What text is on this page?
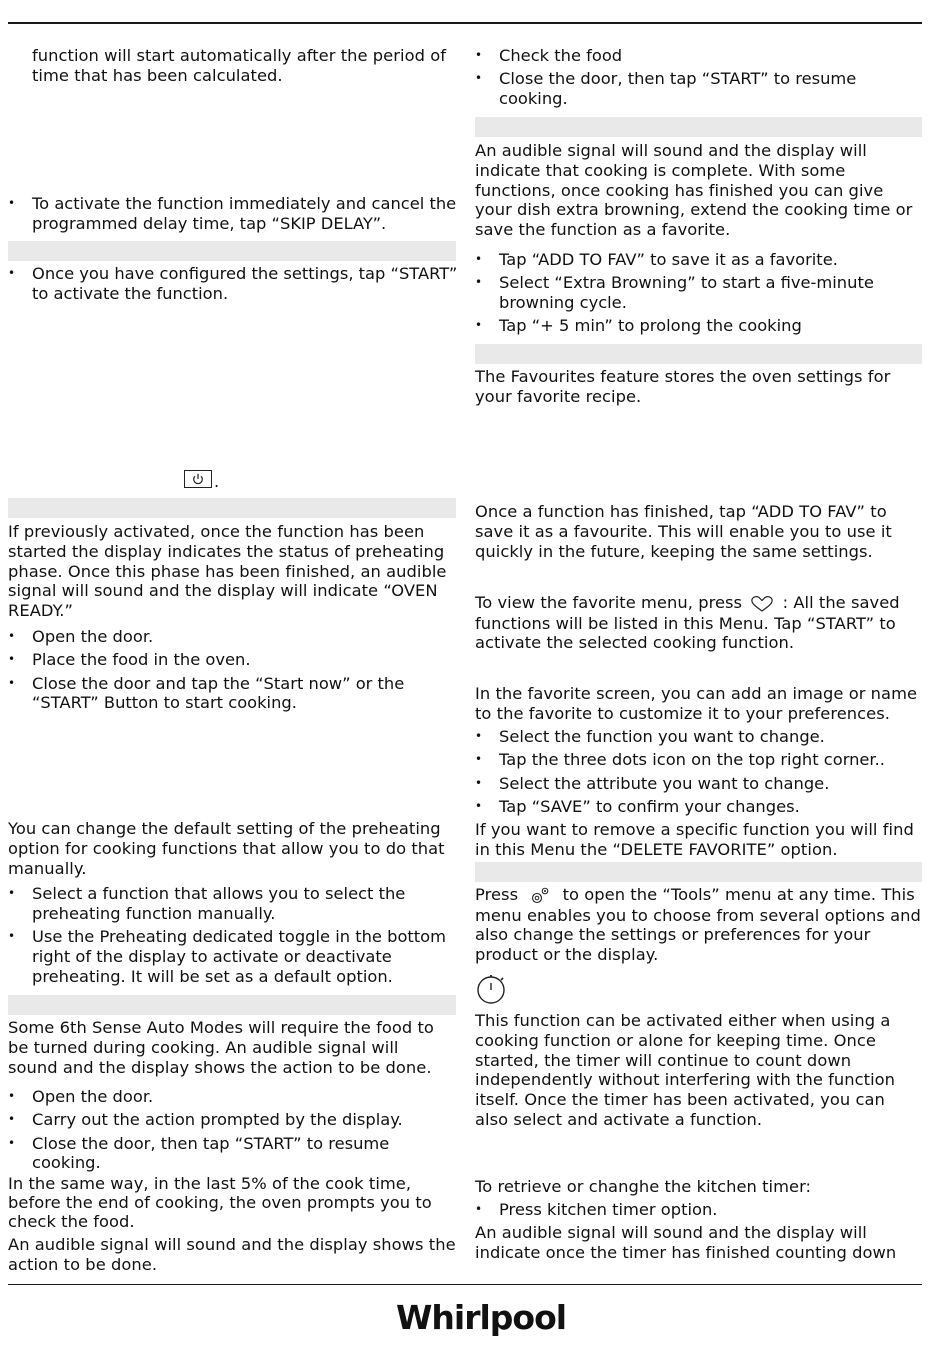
function will start automatically after the period of time that has been calculated.

• To activate the function immediately and cancel the programmed delay time, tap “SKIP DELAY”.
• Once you have configured the settings, tap “START” to activate the function.
.

If previously activated, once the function has been started the display indicates the status of preheating phase. Once this phase has been finished, an audible signal will sound and the display will indicate “OVEN READY.”

• Open the door.
• Place the food in the oven.
• Close the door and tap the “Start now” or the “START” Button to start cooking.

You can change the default setting of the preheating option for cooking functions that allow you to do that manually.

• Select a function that allows you to select the preheating function manually.
• Use the Preheating dedicated toggle in the bottom right of the display to activate or deactivate preheating. It will be set as a default option.

Some 6th Sense Auto Modes will require the food to be turned during cooking. An audible signal will sound and the display shows the action to be done.

• Open the door.
• Carry out the action prompted by the display.
• Close the door, then tap “START” to resume cooking.

In the same way, in the last 5% of the cook time, before the end of cooking, the oven prompts you to check the food.

An audible signal will sound and the display shows the action to be done.

• Check the food
• Close the door, then tap “START” to resume cooking.

An audible signal will sound and the display will indicate that cooking is complete. With some functions, once cooking has finished you can give your dish extra browning, extend the cooking time or save the function as a favorite.

• Tap “ADD TO FAV” to save it as a favorite.
• Select “Extra Browning” to start a five-minute browning cycle.
• Tap “+ 5 min” to prolong the cooking

The Favourites feature stores the oven settings for your favorite recipe.

Once a function has finished, tap “ADD TO FAV” to save it as a favourite. This will enable you to use it quickly in the future, keeping the same settings.

To view the favorite menu, press : All the saved functions will be listed in this Menu. Tap “START” to activate the selected cooking function.

In the favorite screen, you can add an image or name to the favorite to customize it to your preferences.

• Select the function you want to change.
• Tap the three dots icon on the top right corner..
• Select the attribute you want to change.
• Tap “SAVE” to confirm your changes.

If you want to remove a specific function you will find in this Menu the “DELETE FAVORITE” option.

Press	to open the “Tools” menu at any time. This menu enables you to choose from several options and also change the settings or preferences for your product or the display.

This function can be activated either when using a cooking function or alone for keeping time. Once started, the timer will continue to count down independently without interfering with the function itself. Once the timer has been activated, you can also select and activate a function.

To retrieve or changhe the kitchen timer:

• Press kitchen timer option.

An audible signal will sound and the display will indicate once the timer has finished counting down

Whirlpool
